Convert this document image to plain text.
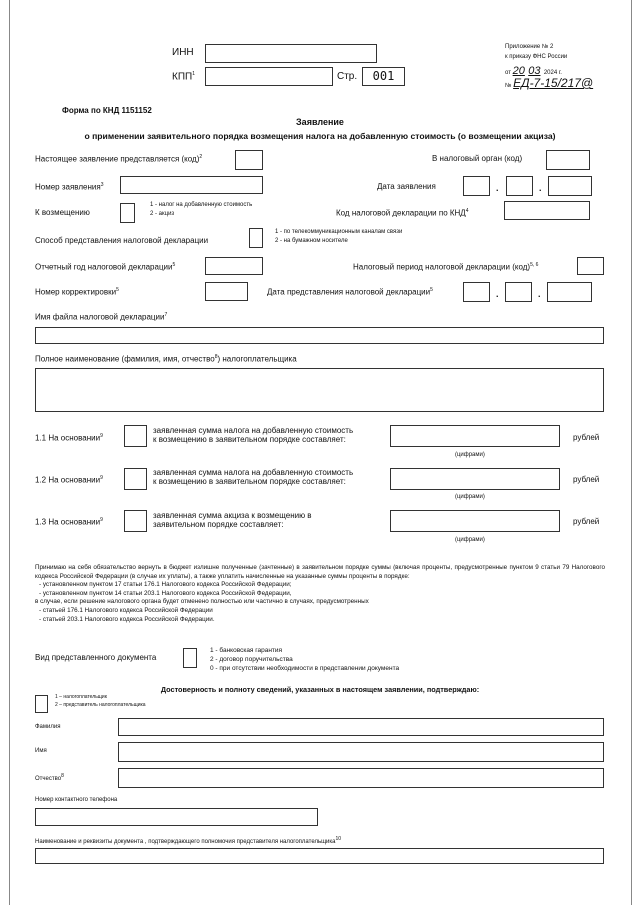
ИНН
КПП$^1$	Стр.	001
Приложение № 2
к приказу ФНС России
от 20 03 2024 г.
№ ЕД-7-15/217@
Форма по КНД 1151152
Заявление
о применении заявительного порядка возмещения налога на добавленную стоимость (о возмещении акциза)
Настоящее заявление представляется (код)$^2$	В налоговый орган (код)
Номер заявления$^3$	Дата заявления	.	.
К возмещению
1 - налог на добавленную стоимость
2 - акциз	Код налоговой декларации по КНД$^4$
Способ представления налоговой декларации
1 - по телекоммуникационным каналам связи
2 - на бумажном носителе
Отчетный год налоговой декларации$^5$	Налоговый период налоговой декларации (код)$^{5, 6}$
Номер корректировки$^5$	Дата представления налоговой декларации$^5$	.	.
Имя файла налоговой декларации$^7$
Полное наименование (фамилия, имя, отчество$^8$) налогоплательщика
1.1 На основании$^9$
заявленная сумма налога на добавленную стоимость
к возмещению в заявительном порядке составляет:
(цифрами)
рублей
1.2 На основании$^9$
заявленная сумма налога на добавленную стоимость
к возмещению в заявительном порядке составляет:
(цифрами)
рублей
1.3 На основании$^9$	заявленная сумма акциза к возмещению в
заявительном порядке составляет:
(цифрами)
рублей
Принимаю на себя обязательство вернуть в бюджет излишне полученные (зачтенные) в заявительном порядке суммы (включая проценты, предусмотренные пунктом 9 статьи 79 Налогового кодекса Российской Федерации (в случае их уплаты), а также уплатить начисленные на указанные суммы проценты в порядке:
- установленном пунктом 17 статьи 176.1 Налогового кодекса Российской Федерации;
- установленном пунктом 14 статьи 203.1 Налогового кодекса Российской Федерации,
в случае, если решение налогового органа будет отменено полностью или частично в случаях, предусмотренных
- статьей 176.1 Налогового кодекса Российской Федерации
- статьей 203.1 Налогового кодекса Российской Федерации.
Вид представленного документа
1 - банковская гарантия
2 - договор поручительства
0 - при отсутствии необходимости в представлении документа
Достоверность и полноту сведений, указанных в настоящем заявлении, подтверждаю:
1 – налогоплательщик
2 – представитель налогоплательщика
Фамилия
Имя
Отчество$^8$
Номер контактного телефона
Наименование и реквизиты документа , подтверждающего полномочия представителя налогоплательщика$^{10}$
